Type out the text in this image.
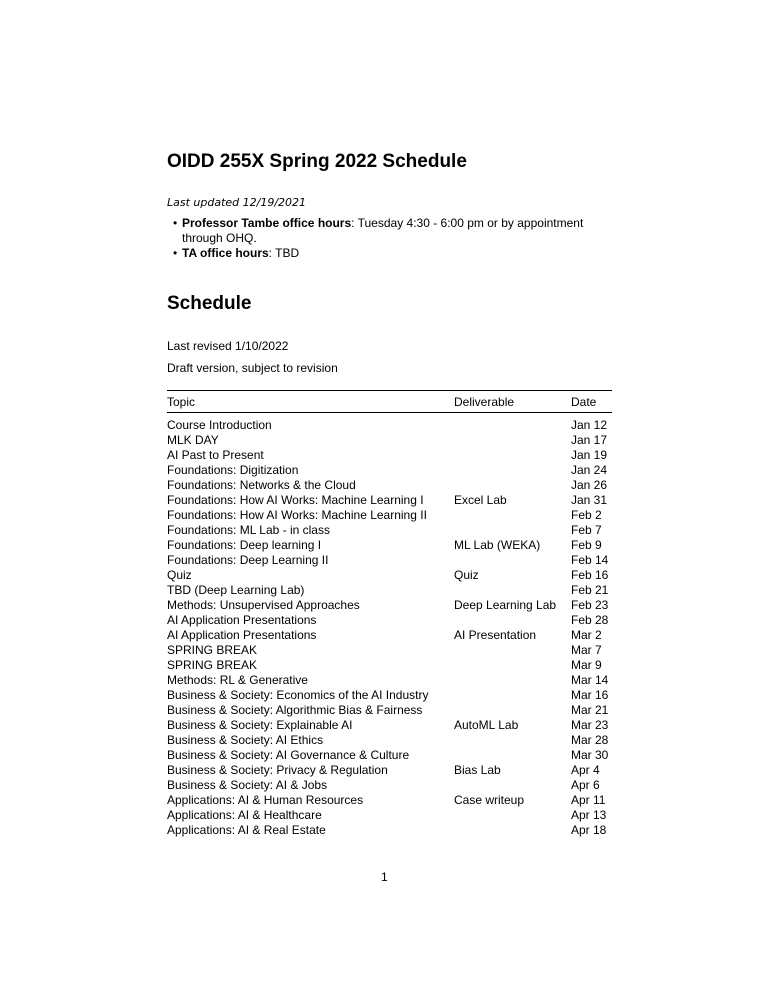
OIDD 255X Spring 2022 Schedule

Last updated 12/19/2021

• Professor Tambe office hours: Tuesday 4:30 - 6:00 pm or by appointment through OHQ.
• TA office hours: TBD
Schedule

Last revised 1/10/2022

Draft version, subject to revision

Topic	Deliverable	Date
Course Introduction		Jan 12
MLK DAY		Jan 17
AI Past to Present		Jan 19
Foundations: Digitization		Jan 24
Foundations: Networks & the Cloud		Jan 26
Foundations: How AI Works: Machine Learning I	Excel Lab	Jan 31
Foundations: How AI Works: Machine Learning II		Feb 2
Foundations: ML Lab - in class		Feb 7
Foundations: Deep learning I	ML Lab (WEKA)	Feb 9
Foundations: Deep Learning II		Feb 14
Quiz	Quiz	Feb 16
TBD (Deep Learning Lab)		Feb 21
Methods: Unsupervised Approaches	Deep Learning Lab	Feb 23
AI Application Presentations		Feb 28
AI Application Presentations	AI Presentation	Mar 2
SPRING BREAK		Mar 7
SPRING BREAK		Mar 9
Methods: RL & Generative		Mar 14
Business & Society: Economics of the AI Industry		Mar 16
Business & Society: Algorithmic Bias & Fairness		Mar 21
Business & Society: Explainable AI	AutoML Lab	Mar 23
Business & Society: AI Ethics		Mar 28
Business & Society: AI Governance & Culture		Mar 30
Business & Society: Privacy & Regulation	Bias Lab	Apr 4
Business & Society: AI & Jobs		Apr 6
Applications: AI & Human Resources	Case writeup	Apr 11
Applications: AI & Healthcare		Apr 13
Applications: AI & Real Estate		Apr 18

1
